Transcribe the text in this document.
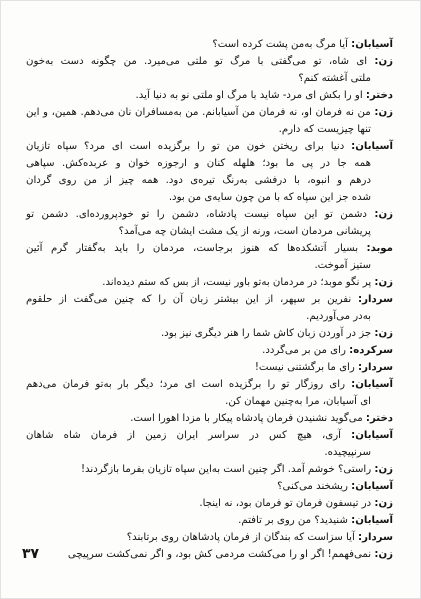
آسیابان: آیا مرگ به‌من پشت کرده است؟
زن: ای شاه، تو می‌گفتی با مرگ تو ملتی می‌میرد. من چگونه دست به‌خون
ملتی آغشته کنم؟
دختر: او را بکش ای مرد- شاید با مرگ او ملتی نو به دنیا آید.
زن: من نه فرمان او، نه فرمان من آسیابانم. من به‌مسافران نان می‌دهم. همین، و این
تنها چیزیست که دارم.
آسیابان: دنیا برای ریختن خون من تو را برگزیده است ای مرد؟ سپاه تازیان
همه جا در پی ما بود؛ هلهله کنان و ارجوزه خوان و عربده‌کش. سپاهی
درهم و انبوه، با درفشی به‌رنگ تیره‌ی دود. همه چیز از من روی گردان
شده جز این سپاه که با من چون سایه‌ی من بود.
زن: دشمن تو این سپاه نیست پادشاه، دشمن را تو خودپرورده‌ای. دشمن تو
پریشانی مردمان است، ورنه از یک مشت ایشان چه می‌آمد؟
موبد: بسیار آتشکده‌ها که هنوز برجاست، مردمان را باید به‌گفتار گرم آئین
ستیز آموخت.
زن: پر نگو موبد؛ در مردمان به‌تو باور نیست، از بس که ستم دیده‌اند.
سردار: نفرین بر سپهر، از این بیشتر زبان آن را که چنین می‌گفت از حلقوم
به‌در می‌آوردیم.
زن: جز در آوردن زبان کاش شما را هنر دیگری نیز بود.
سرکرده: رای من بر می‌گردد.
سردار: رای ما برگشتنی نیست!
آسیابان: رای روزگار تو را برگزیده است ای مرد؛ دیگر بار به‌تو فرمان می‌دهم
ای آسیابان، مرا به‌چنین مهمان کن.
دختر: می‌گوید نشنیدن فرمان پادشاه پیکار با مزدا اهورا است.
آسیابان: آری، هیچ کس در سراسر ایران زمین از فرمان شاه شاهان
سرنپیچیده.
زن: راستی؟ خوشم آمد. اگر چنین است به‌این سپاه تازیان بفرما بازگردند!
آسیابان: ریشخند می‌کنی؟
زن: در تیسفون فرمان تو فرمان بود، نه اینجا.
آسیابان: شنیدید؟ من روی بر تافتم.
سردار: آیا سزاست که بندگان از فرمان پادشاهان روی برتابند؟
زن: نمی‌فهمم! اگر او را می‌کشت مردمی کش بود، و اگر نمی‌کشت سرپیچی
۳۷
